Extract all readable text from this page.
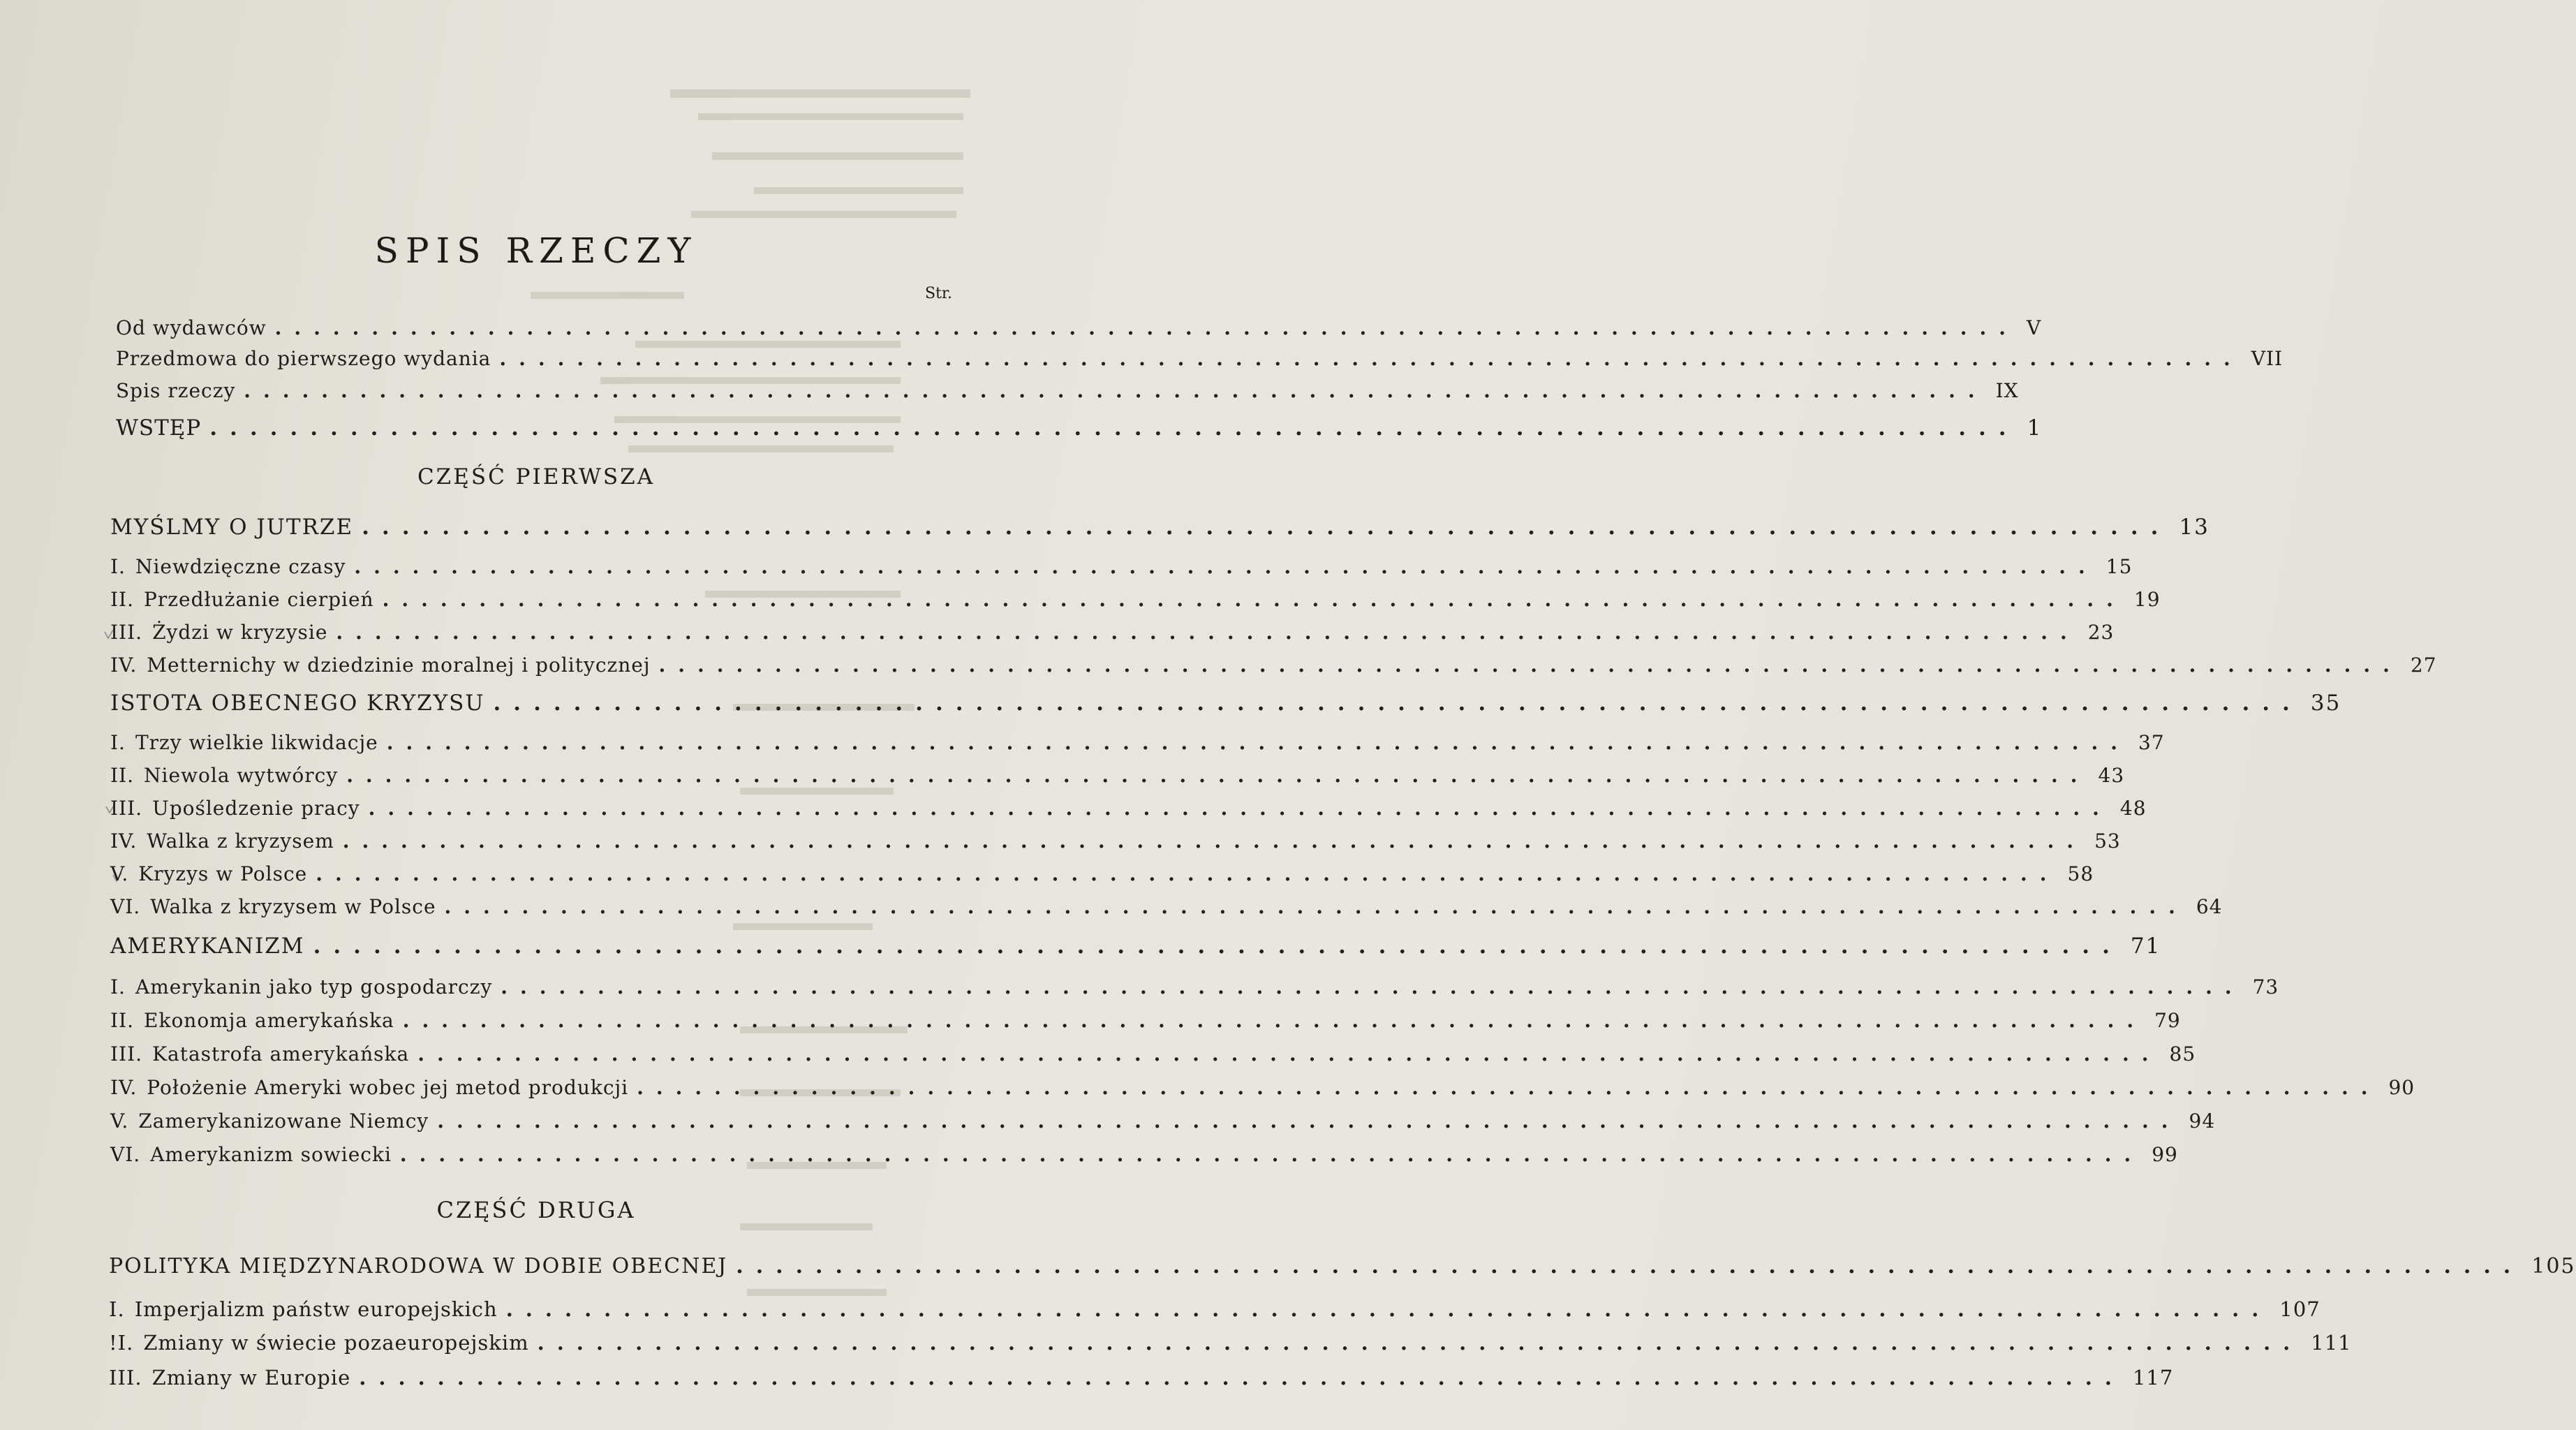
SPIS RZECZY
Str.
CZĘŚĆ PIERWSZA
CZĘŚĆ DRUGA
Od wydawców .......................................................................................... V
Przedmowa do pierwszego wydania .......................................................................................... VII
Spis rzeczy .......................................................................................... IX
WSTĘP .......................................................................................... 1
MYŚLMY O JUTRZE .......................................................................................... 13
I. Niewdzięczne czasy .......................................................................................... 15
II. Przedłużanie cierpień .......................................................................................... 19
III. Żydzi w kryzysie .......................................................................................... 23
IV. Metternichy w dziedzinie moralnej i politycznej .......................................................................................... 27
ISTOTA OBECNEGO KRYZYSU .......................................................................................... 35
I. Trzy wielkie likwidacje .......................................................................................... 37
II. Niewola wytwórcy .......................................................................................... 43
III. Upośledzenie pracy .......................................................................................... 48
IV. Walka z kryzysem .......................................................................................... 53
V. Kryzys w Polsce .......................................................................................... 58
VI. Walka z kryzysem w Polsce .......................................................................................... 64
AMERYKANIZM .......................................................................................... 71
I. Amerykanin jako typ gospodarczy .......................................................................................... 73
II. Ekonomja amerykańska .......................................................................................... 79
III. Katastrofa amerykańska .......................................................................................... 85
IV. Położenie Ameryki wobec jej metod produkcji .......................................................................................... 90
V. Zamerykanizowane Niemcy .......................................................................................... 94
VI. Amerykanizm sowiecki .......................................................................................... 99
POLITYKA MIĘDZYNARODOWA W DOBIE OBECNEJ .......................................................................................... 105
I. Imperjalizm państw europejskich .......................................................................................... 107
!I. Zmiany w świecie pozaeuropejskim .......................................................................................... 111
III. Zmiany w Europie .......................................................................................... 117
